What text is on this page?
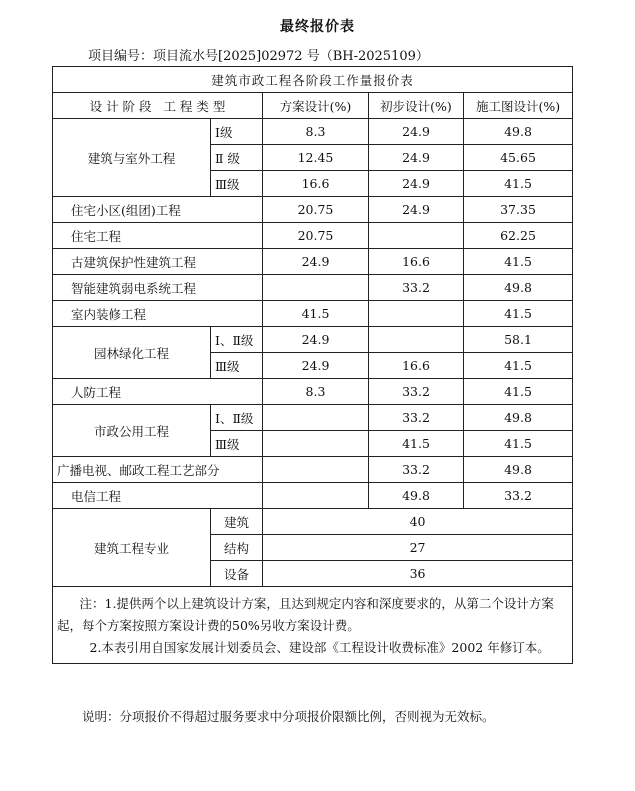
最终报价表
项目编号：项目流水号[2025]02972 号（BH-2025109）
建筑市政工程各阶段工作量报价表				
设 计 阶 段   工 程 类 型		方案设计(%)	初步设计(%)	施工图设计(%)
建筑与室外工程	Ⅰ级	8.3	24.9	49.8
	Ⅱ 级	12.45	24.9	45.65
	Ⅲ级	16.6	24.9	41.5
住宅小区(组团)工程		20.75	24.9	37.35
住宅工程		20.75		62.25
古建筑保护性建筑工程		24.9	16.6	41.5
智能建筑弱电系统工程			33.2	49.8
室内装修工程		41.5		41.5
园林绿化工程	Ⅰ、Ⅱ级	24.9		58.1
	Ⅲ级	24.9	16.6	41.5
人防工程		8.3	33.2	41.5
市政公用工程	Ⅰ、Ⅱ级		33.2	49.8
	Ⅲ级		41.5	41.5
广播电视、邮政工程工艺部分			33.2	49.8
电信工程			49.8	33.2
建筑工程专业	建筑	40		
	结构	27		
	设备	36		

注：1.提供两个以上建筑设计方案，且达到规定内容和深度要求的，从第二个设计方案起，每个方案按照方案设计费的50%另收方案设计费。

2.本表引用自国家发展计划委员会、建设部《工程设计收费标准》2002 年修订本。				

说明：分项报价不得超过服务要求中分项报价限额比例，否则视为无效标。
